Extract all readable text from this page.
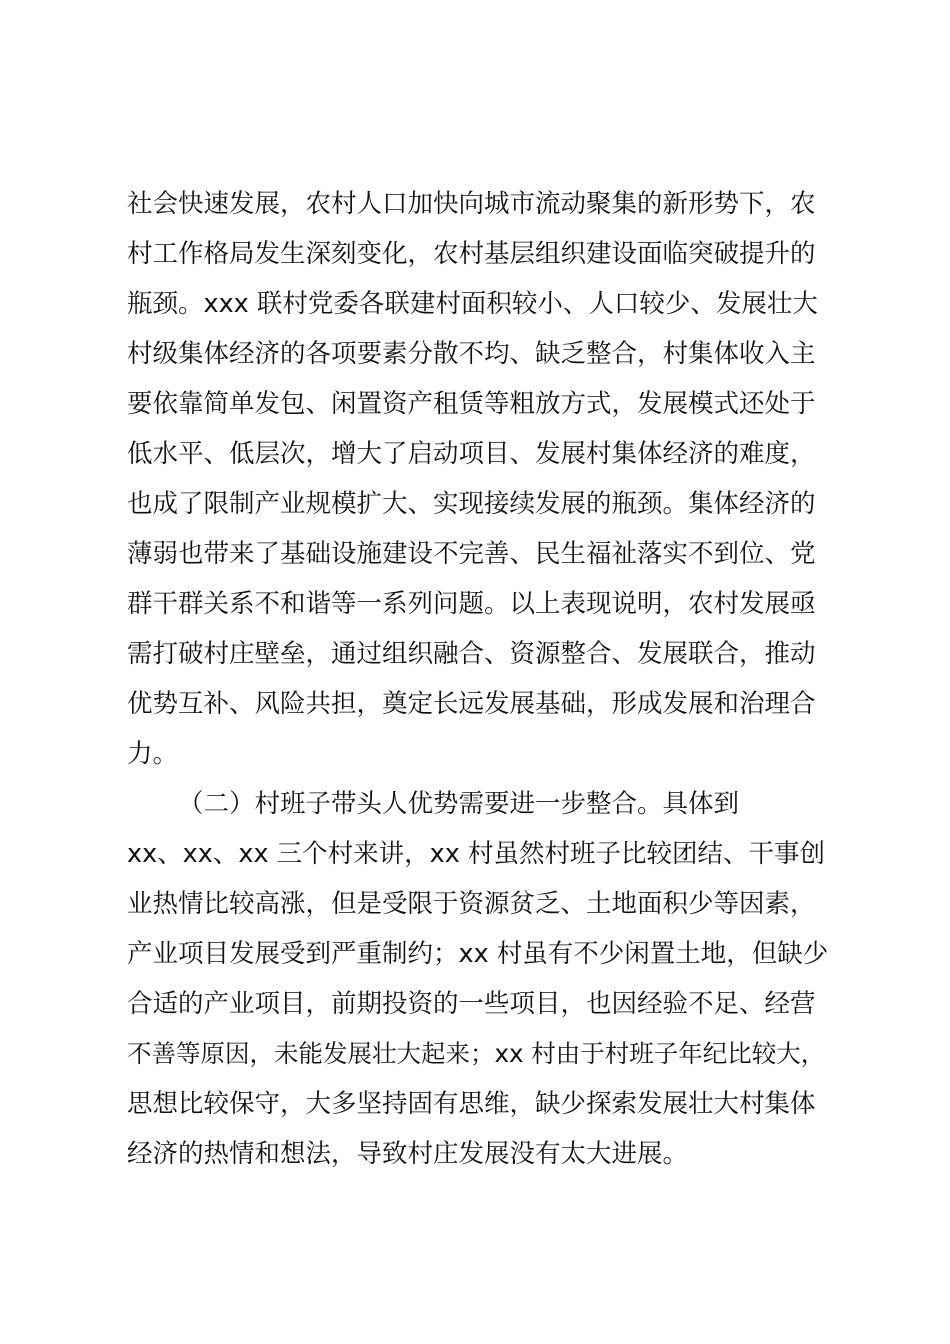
社会快速发展，农村人口加快向城市流动聚集的新形势下，农
村工作格局发生深刻变化，农村基层组织建设面临突破提升的
瓶颈。xxx 联村党委各联建村面积较小、人口较少、发展壮大
村级集体经济的各项要素分散不均、缺乏整合，村集体收入主
要依靠简单发包、闲置资产租赁等粗放方式，发展模式还处于
低水平、低层次，增大了启动项目、发展村集体经济的难度，
也成了限制产业规模扩大、实现接续发展的瓶颈。集体经济的
薄弱也带来了基础设施建设不完善、民生福祉落实不到位、党
群干群关系不和谐等一系列问题。以上表现说明，农村发展亟
需打破村庄壁垒，通过组织融合、资源整合、发展联合，推动
优势互补、风险共担，奠定长远发展基础，形成发展和治理合
力。
（二）村班子带头人优势需要进一步整合。具体到
xx、xx、xx 三个村来讲，xx 村虽然村班子比较团结、干事创
业热情比较高涨，但是受限于资源贫乏、土地面积少等因素，
产业项目发展受到严重制约；xx 村虽有不少闲置土地，但缺少
合适的产业项目，前期投资的一些项目，也因经验不足、经营
不善等原因，未能发展壮大起来；xx 村由于村班子年纪比较大，
思想比较保守，大多坚持固有思维，缺少探索发展壮大村集体
经济的热情和想法，导致村庄发展没有太大进展。
